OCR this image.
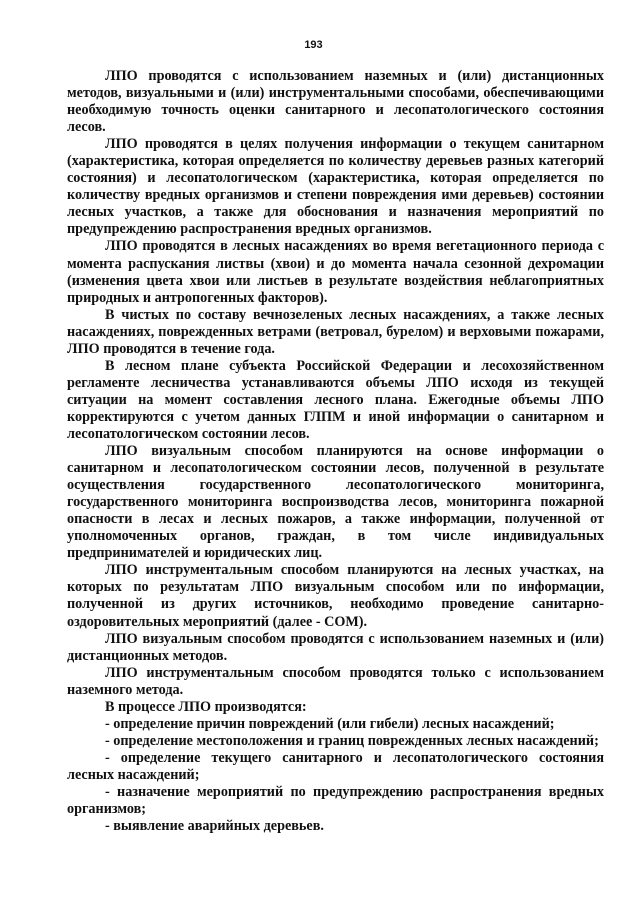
193

ЛПО проводятся с использованием наземных и (или) дистанционных методов, визуальными и (или) инструментальными способами, обеспечивающими необходимую точность оценки санитарного и лесопатологического состояния лесов.

ЛПО проводятся в целях получения информации о текущем санитарном (характеристика, которая определяется по количеству деревьев разных категорий состояния) и лесопатологическом (характеристика, которая определяется по количеству вредных организмов и степени повреждения ими деревьев) состоянии лесных участков, а также для обоснования и назначения мероприятий по предупреждению распространения вредных организмов.

ЛПО проводятся в лесных насаждениях во время вегетационного периода с момента распускания листвы (хвои) и до момента начала сезонной дехромации (изменения цвета хвои или листьев в результате воздействия неблагоприятных природных и антропогенных факторов).

В чистых по составу вечнозеленых лесных насаждениях, а также лесных насаждениях, поврежденных ветрами (ветровал, бурелом) и верховыми пожарами, ЛПО проводятся в течение года.

В лесном плане субъекта Российской Федерации и лесохозяйственном регламенте лесничества устанавливаются объемы ЛПО исходя из текущей ситуации на момент составления лесного плана. Ежегодные объемы ЛПО корректируются с учетом данных ГЛПМ и иной информации о санитарном и лесопатологическом состоянии лесов.

ЛПО визуальным способом планируются на основе информации о санитарном и лесопатологическом состоянии лесов, полученной в результате осуществления государственного лесопатологического мониторинга, государственного мониторинга воспроизводства лесов, мониторинга пожарной опасности в лесах и лесных пожаров, а также информации, полученной от уполномоченных органов, граждан, в том числе индивидуальных предпринимателей и юридических лиц.

ЛПО инструментальным способом планируются на лесных участках, на которых по результатам ЛПО визуальным способом или по информации, полученной из других источников, необходимо проведение санитарно-оздоровительных мероприятий (далее - СОМ).

ЛПО визуальным способом проводятся с использованием наземных и (или) дистанционных методов.

ЛПО инструментальным способом проводятся только с использованием наземного метода.

В процессе ЛПО производятся:

- определение причин повреждений (или гибели) лесных насаждений;

- определение местоположения и границ поврежденных лесных насаждений;

- определение текущего санитарного и лесопатологического состояния лесных насаждений;

- назначение мероприятий по предупреждению распространения вредных организмов;

- выявление аварийных деревьев.
